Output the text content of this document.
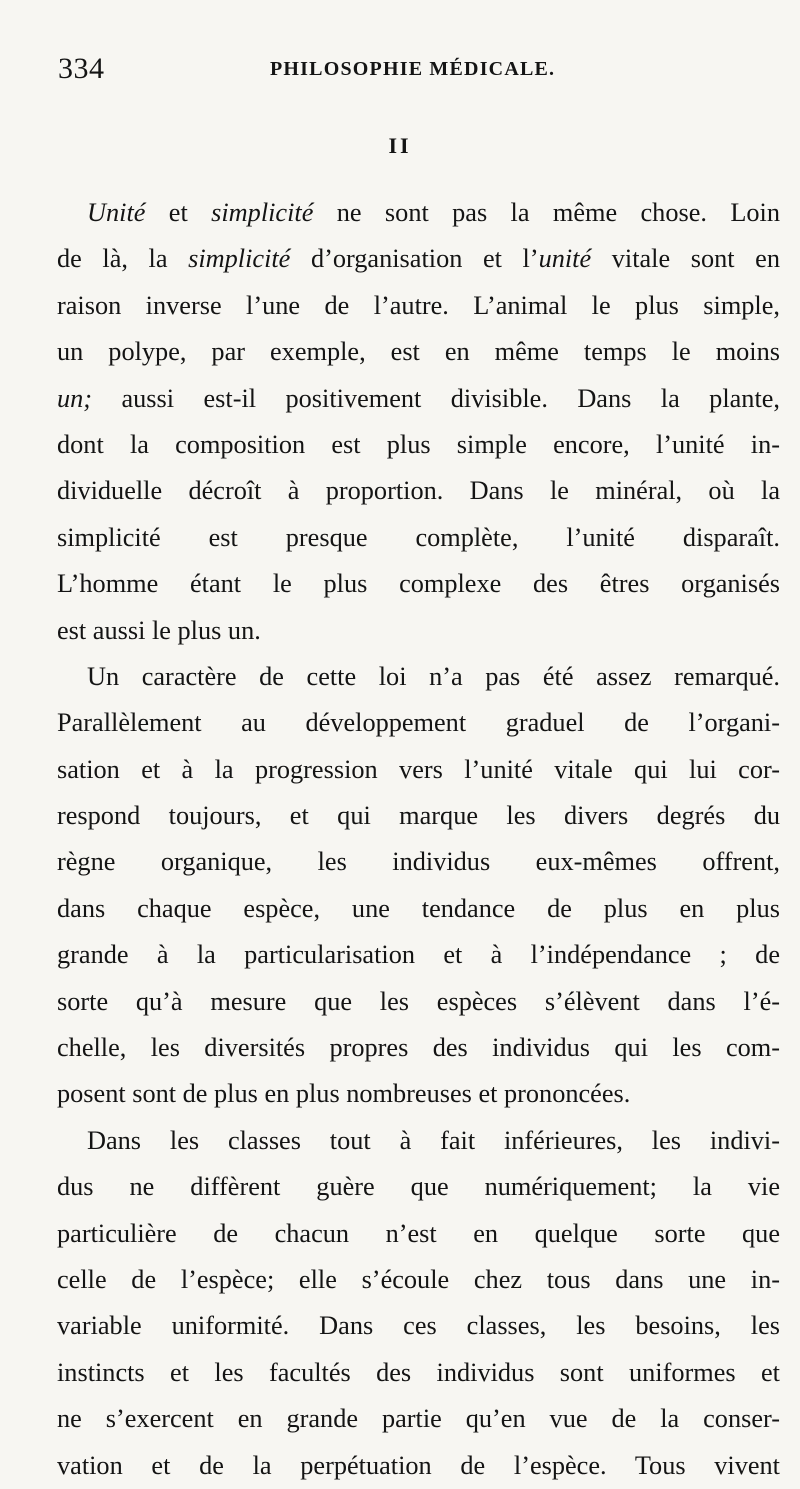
334	PHILOSOPHIE MÉDICALE.
II
Unité et simplicité ne sont pas la même chose. Loin
de là, la simplicité d’organisation et l’unité vitale sont en
raison inverse l’une de l’autre. L’animal le plus simple,
un polype, par exemple, est en même temps le moins
un; aussi est-il positivement divisible. Dans la plante,
dont la composition est plus simple encore, l’unité in-
dividuelle décroît à proportion. Dans le minéral, où la
simplicité est presque complète, l’unité disparaît.
L’homme étant le plus complexe des êtres organisés
est aussi le plus un.
Un caractère de cette loi n’a pas été assez remarqué.
Parallèlement au développement graduel de l’organi-
sation et à la progression vers l’unité vitale qui lui cor-
respond toujours, et qui marque les divers degrés du
règne organique, les individus eux-mêmes offrent,
dans chaque espèce, une tendance de plus en plus
grande à la particularisation et à l’indépendance ; de
sorte qu’à mesure que les espèces s’élèvent dans l’é-
chelle, les diversités propres des individus qui les com-
posent sont de plus en plus nombreuses et prononcées.
Dans les classes tout à fait inférieures, les indivi-
dus ne diffèrent guère que numériquement; la vie
particulière de chacun n’est en quelque sorte que
celle de l’espèce; elle s’écoule chez tous dans une in-
variable uniformité. Dans ces classes, les besoins, les
instincts et les facultés des individus sont uniformes et
ne s’exercent en grande partie qu’en vue de la conser-
vation et de la perpétuation de l’espèce. Tous vivent
